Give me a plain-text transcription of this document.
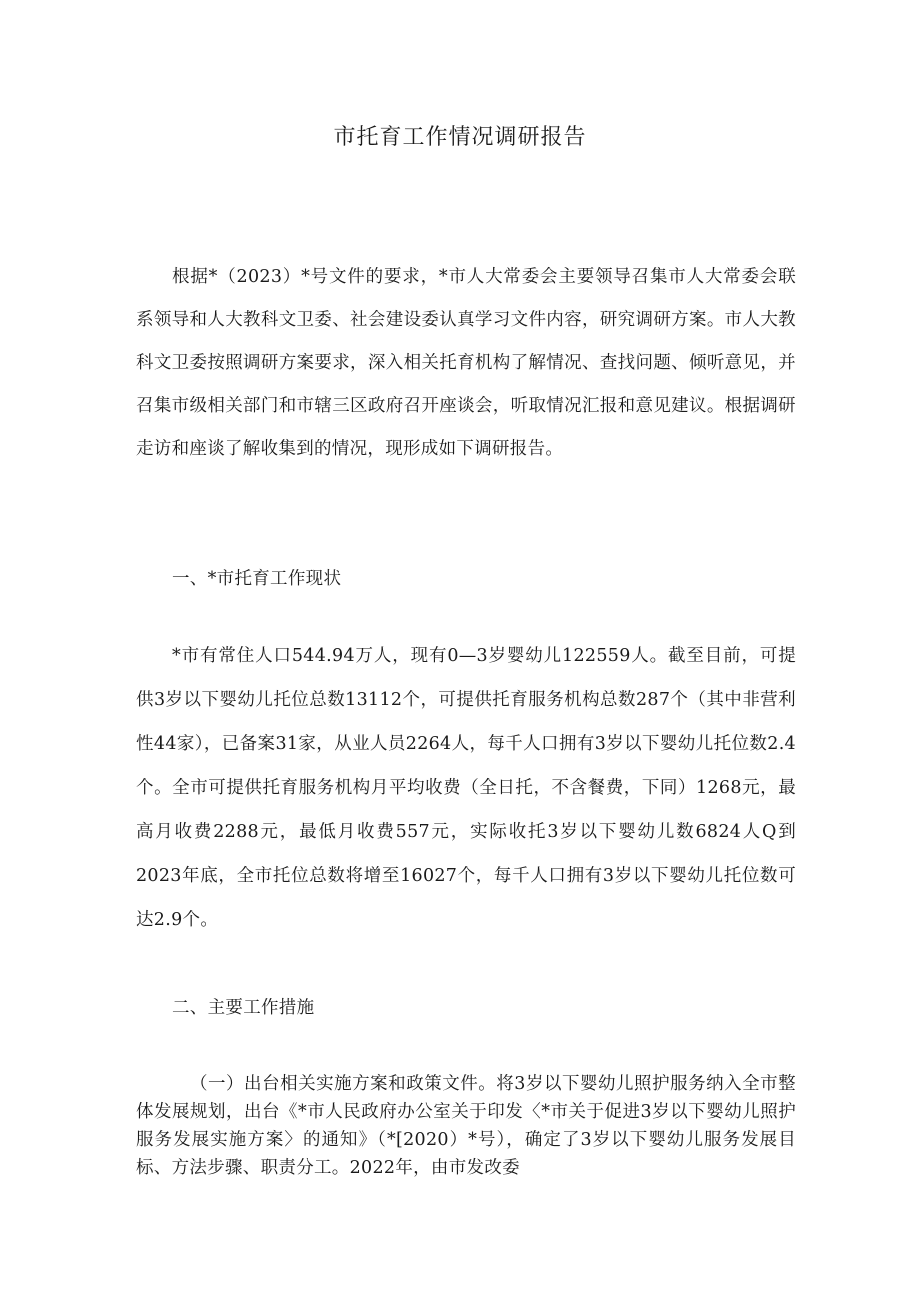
市托育工作情况调研报告
根据*（2023）*号文件的要求，*市人大常委会主要领导召集市人大常委会联系领导和人大教科文卫委、社会建设委认真学习文件内容，研究调研方案。市人大教科文卫委按照调研方案要求，深入相关托育机构了解情况、查找问题、倾听意见，并召集市级相关部门和市辖三区政府召开座谈会，听取情况汇报和意见建议。根据调研走访和座谈了解收集到的情况，现形成如下调研报告。
一、*市托育工作现状
*市有常住人口544.94万人，现有0—3岁婴幼儿122559人。截至目前，可提供3岁以下婴幼儿托位总数13112个，可提供托育服务机构总数287个（其中非营利性44家），已备案31家，从业人员2264人，每千人口拥有3岁以下婴幼儿托位数2.4个。全市可提供托育服务机构月平均收费（全日托，不含餐费，下同）1268元，最高月收费2288元，最低月收费557元，实际收托3岁以下婴幼儿数6824人Q到2023年底，全市托位总数将增至16027个，每千人口拥有3岁以下婴幼儿托位数可达2.9个。
二、主要工作措施
（一）出台相关实施方案和政策文件。将3岁以下婴幼儿照护服务纳入全市整体发展规划，出台《*市人民政府办公室关于印发〈*市关于促进3岁以下婴幼儿照护服务发展实施方案〉的通知》（*[2020）*号），确定了3岁以下婴幼儿服务发展目标、方法步骤、职责分工。2022年，由市发改委
